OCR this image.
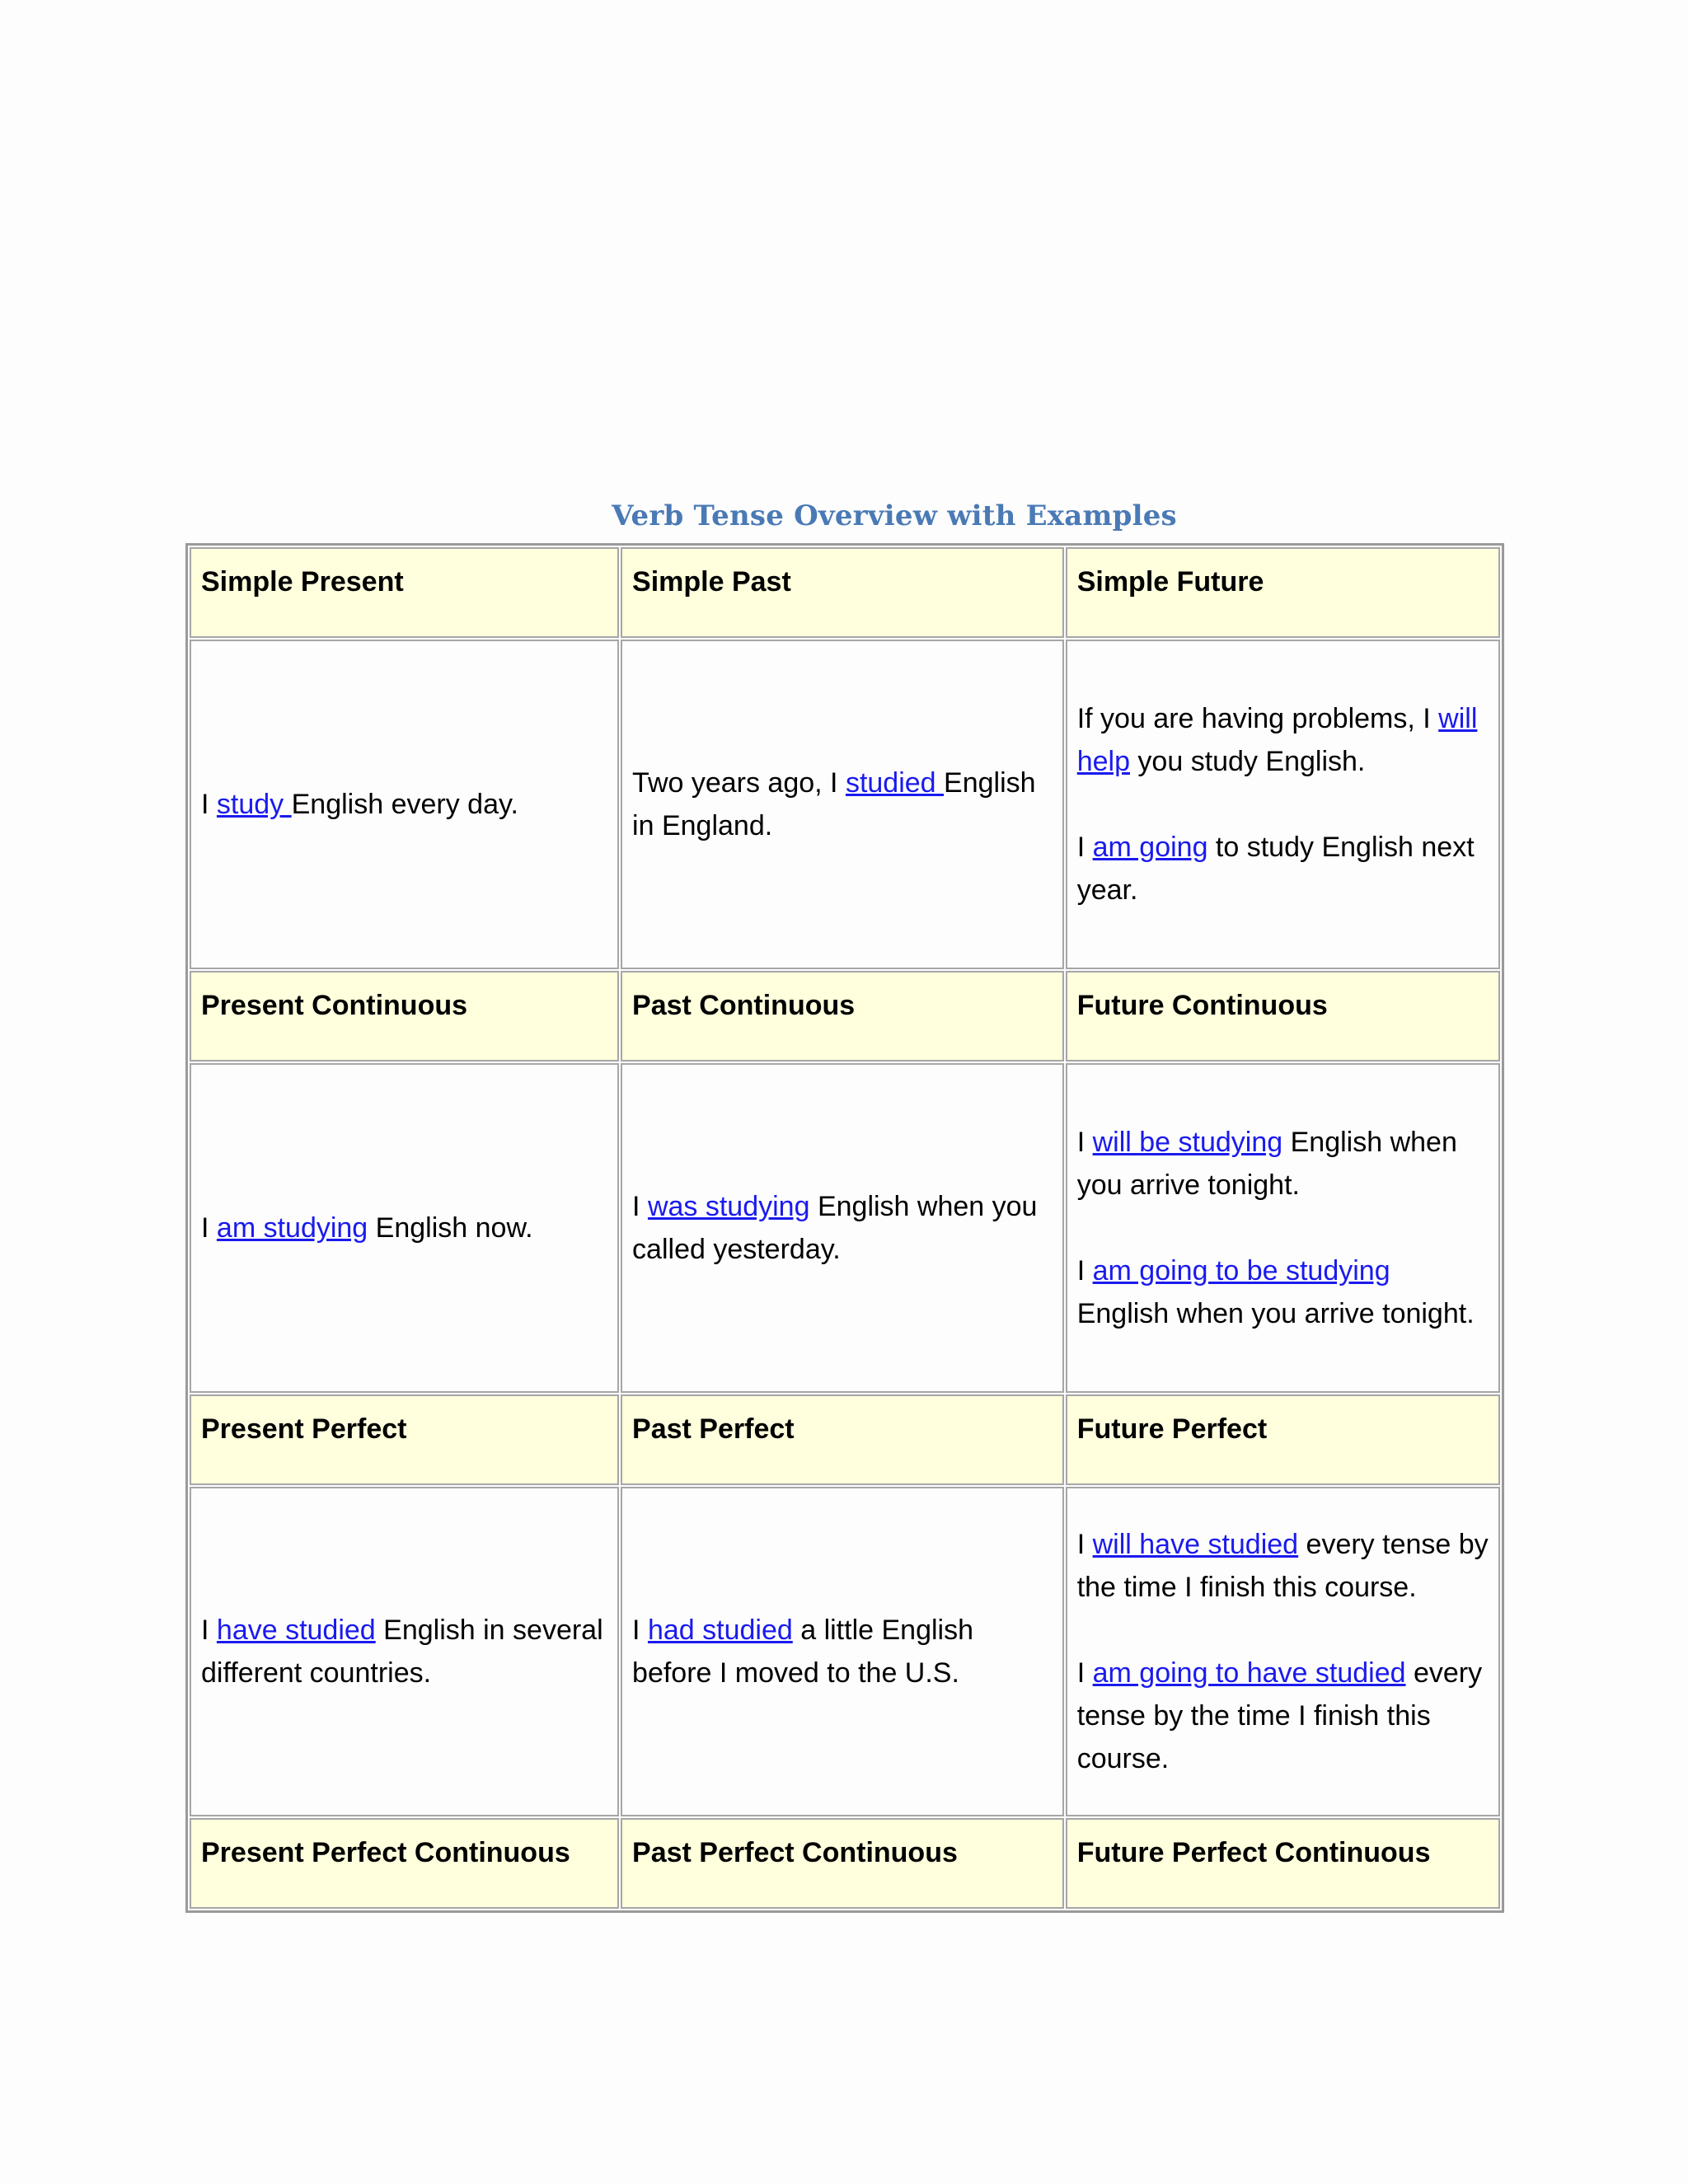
Verb Tense Overview with Examples
Simple Present	Simple Past	Simple Future

I study English every day.	Two years ago, I studied English in England.	If you are having problems, I will help you study English.
I am going to study English next year.

Present Continuous	Past Continuous	Future Continuous

I am studying English now.	I was studying English when you called yesterday.	I will be studying English when you arrive tonight.
I am going to be studying English when you arrive tonight.

Present Perfect	Past Perfect	Future Perfect

I have studied English in several different countries.	I had studied a little English before I moved to the U.S.	I will have studied every tense by the time I finish this course.
I am going to have studied every tense by the time I finish this course.

Present Perfect Continuous	Past Perfect Continuous	Future Perfect Continuous
